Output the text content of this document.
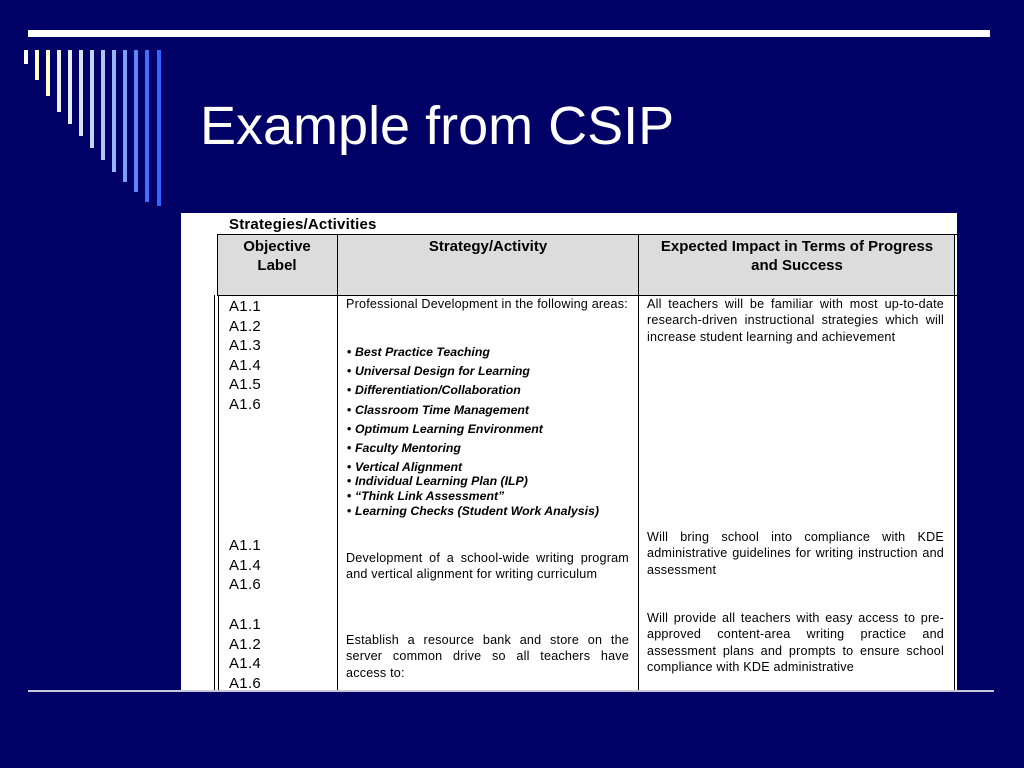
Example from CSIP
Strategies/Activities
Objective Label
Strategy/Activity	Expected Impact in Terms of Progress and Success
A1.1
A1.2
A1.3
A1.4
A1.5
A1.6
Professional Development in the following areas:
• Best Practice Teaching
• Universal Design for Learning
• Differentiation/Collaboration
• Classroom Time Management
• Optimum Learning Environment
• Faculty Mentoring
• Vertical Alignment
• Individual Learning Plan (ILP)
• “Think Link Assessment”
• Learning Checks (Student Work Analysis)
All teachers will be familiar with most up-to-date research-driven instructional strategies which will increase student learning and achievement
A1.1
A1.4
A1.6
Development of a school-wide writing program and vertical alignment for writing curriculum
Will bring school into compliance with KDE administrative guidelines for writing instruction and assessment
A1.1
A1.2
A1.4
A1.6
Establish a resource bank and store on the server common drive so all teachers have access to:
Will provide all teachers with easy access to pre-approved content-area writing practice and assessment plans and prompts to ensure school compliance with KDE administrative
